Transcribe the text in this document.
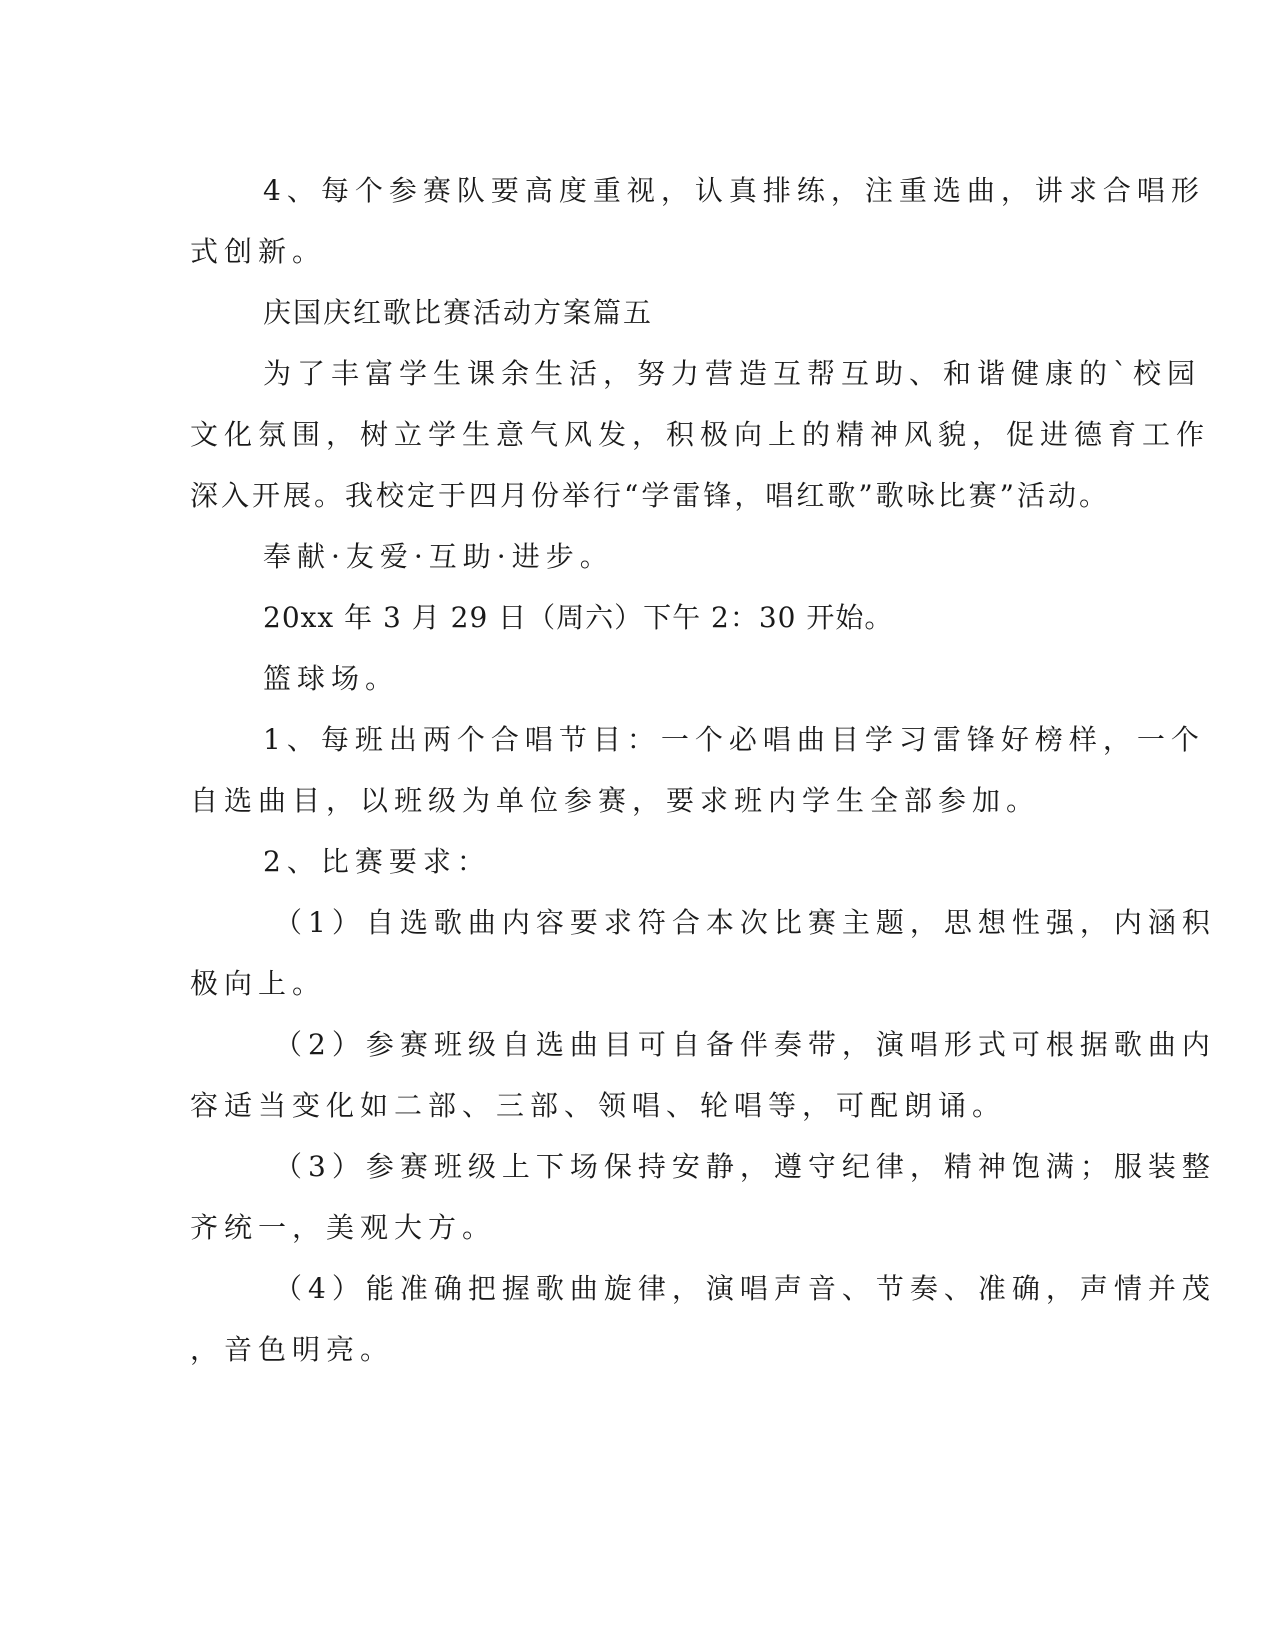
4、每个参赛队要高度重视，认真排练，注重选曲，讲求合唱形
式创新。
庆国庆红歌比赛活动方案篇五
为了丰富学生课余生活，努力营造互帮互助、和谐健康的`校园
文化氛围，树立学生意气风发，积极向上的精神风貌，促进德育工作
深入开展。我校定于四月份举行“学雷锋，唱红歌”歌咏比赛”活动。
奉献·友爱·互助·进步。
20xx 年 3 月 29 日（周六）下午 2：30 开始。
篮球场。
1、每班出两个合唱节目：一个必唱曲目学习雷锋好榜样，一个
自选曲目，以班级为单位参赛，要求班内学生全部参加。
2、比赛要求：
（1）自选歌曲内容要求符合本次比赛主题，思想性强，内涵积
极向上。
（2）参赛班级自选曲目可自备伴奏带，演唱形式可根据歌曲内
容适当变化如二部、三部、领唱、轮唱等，可配朗诵。
（3）参赛班级上下场保持安静，遵守纪律，精神饱满；服装整
齐统一，美观大方。
（4）能准确把握歌曲旋律，演唱声音、节奏、准确，声情并茂
，音色明亮。
